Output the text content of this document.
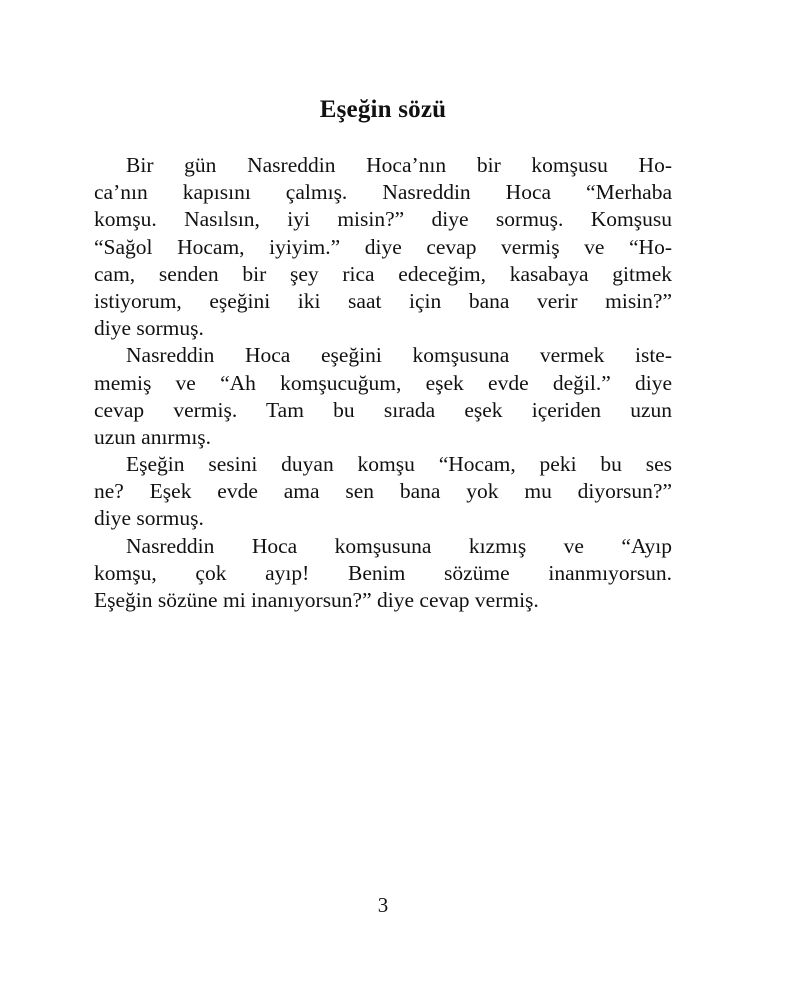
Eşeğin sözü
Bir gün Nasreddin Hoca’nın bir komşusu Ho-
ca’nın kapısını çalmış. Nasreddin Hoca “Merhaba
komşu. Nasılsın, iyi misin?” diye sormuş. Komşusu
“Sağol Hocam, iyiyim.” diye cevap vermiş ve “Ho-
cam, senden bir şey rica edeceğim, kasabaya gitmek
istiyorum, eşeğini iki saat için bana verir misin?”
diye sormuş.
Nasreddin Hoca eşeğini komşusuna vermek iste-
memiş ve “Ah komşucuğum, eşek evde değil.” diye
cevap vermiş. Tam bu sırada eşek içeriden uzun
uzun anırmış.
Eşeğin sesini duyan komşu “Hocam, peki bu ses
ne? Eşek evde ama sen bana yok mu diyorsun?”
diye sormuş.
Nasreddin Hoca komşusuna kızmış ve “Ayıp
komşu, çok ayıp! Benim sözüme inanmıyorsun.
Eşeğin sözüne mi inanıyorsun?” diye cevap vermiş.
3
